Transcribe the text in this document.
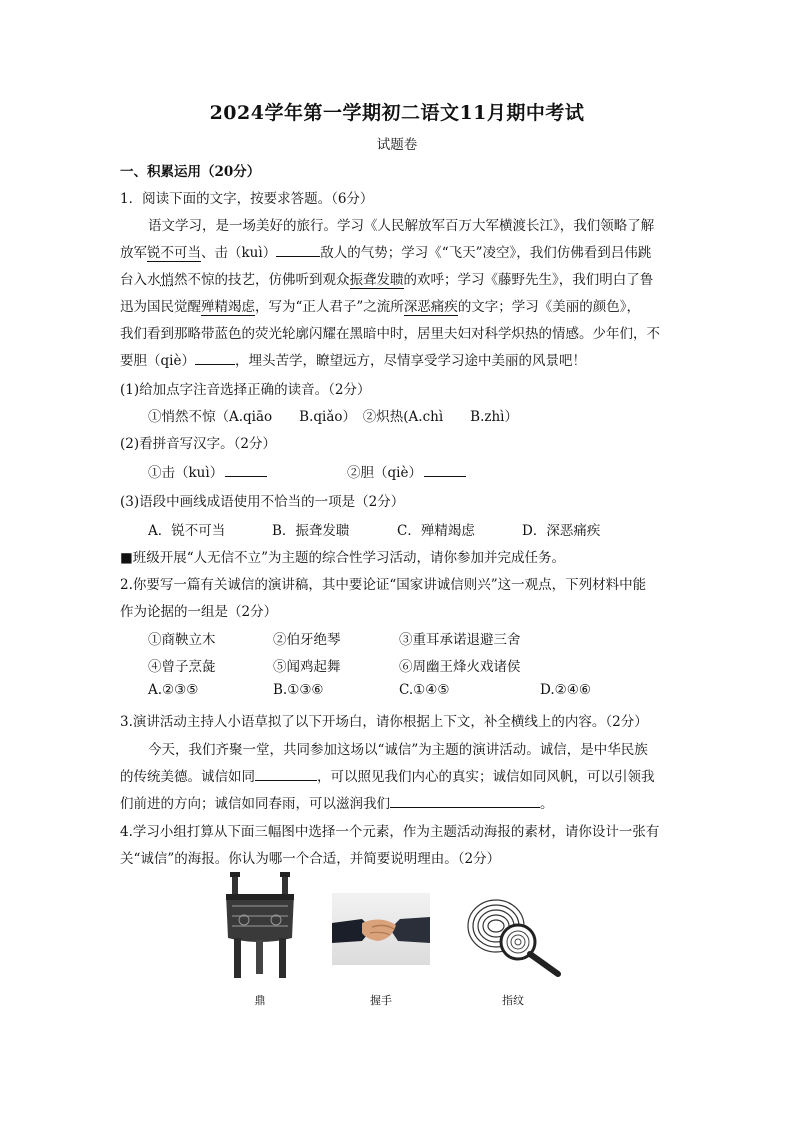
2024学年第一学期初二语文11月期中考试
试题卷
一、积累运用（20分）
1．阅读下面的文字，按要求答题。（6分）
语文学习，是一场美好的旅行。学习《人民解放军百万大军横渡长江》，我们领略了解
放军锐不可当、击（kuì）	敌人的气势；学习《“飞天”凌空》，我们仿佛看到吕伟跳
台入水悄然不惊的技艺，仿佛听到观众振聋发聩的欢呼；学习《藤野先生》，我们明白了鲁
迅为国民觉醒殚精竭虑，写为“正人君子”之流所深恶痛疾的文字；学习《美丽的颜色》，
我们看到那略带蓝色的荧光轮廓闪耀在黑暗中时，居里夫妇对科学炽热的情感。少年们，不
要胆（qiè）	，埋头苦学，瞭望远方，尽情享受学习途中美丽的风景吧！
(1)给加点字注音选择正确的读音。（2分）
①悄然不惊（A.qiāo　　B.qiǎo）　②炽热(A.chì　　B.zhì）
(2)看拼音写汉字。（2分）
①击（kuì）	②胆（qiè）
(3)语段中画线成语使用不恰当的一项是（2分）
A．锐不可当	B．振聋发聩	C．殚精竭虑	D．深恶痛疾
■班级开展“人无信不立”为主题的综合性学习活动，请你参加并完成任务。
2.你要写一篇有关诚信的演讲稿，其中要论证“国家讲诚信则兴”这一观点，下列材料中能
作为论据的一组是（2分）
①商鞅立木	②伯牙绝琴	③重耳承诺退避三舍
④曾子烹彘	⑤闻鸡起舞	⑥周幽王烽火戏诸侯
A.②③⑤	B.①③⑥	C.①④⑤	D.②④⑥
3.演讲活动主持人小语草拟了以下开场白，请你根据上下文，补全横线上的内容。（2分）
今天，我们齐聚一堂，共同参加这场以“诚信”为主题的演讲活动。诚信，是中华民族
的传统美德。诚信如同	，可以照见我们内心的真实；诚信如同风帆，可以引领我
们前进的方向；诚信如同春雨，可以滋润我们	。
4.学习小组打算从下面三幅图中选择一个元素，作为主题活动海报的素材，请你设计一张有
关“诚信”的海报。你认为哪一个合适，并简要说明理由。（2分）
鼎	握手	指纹
